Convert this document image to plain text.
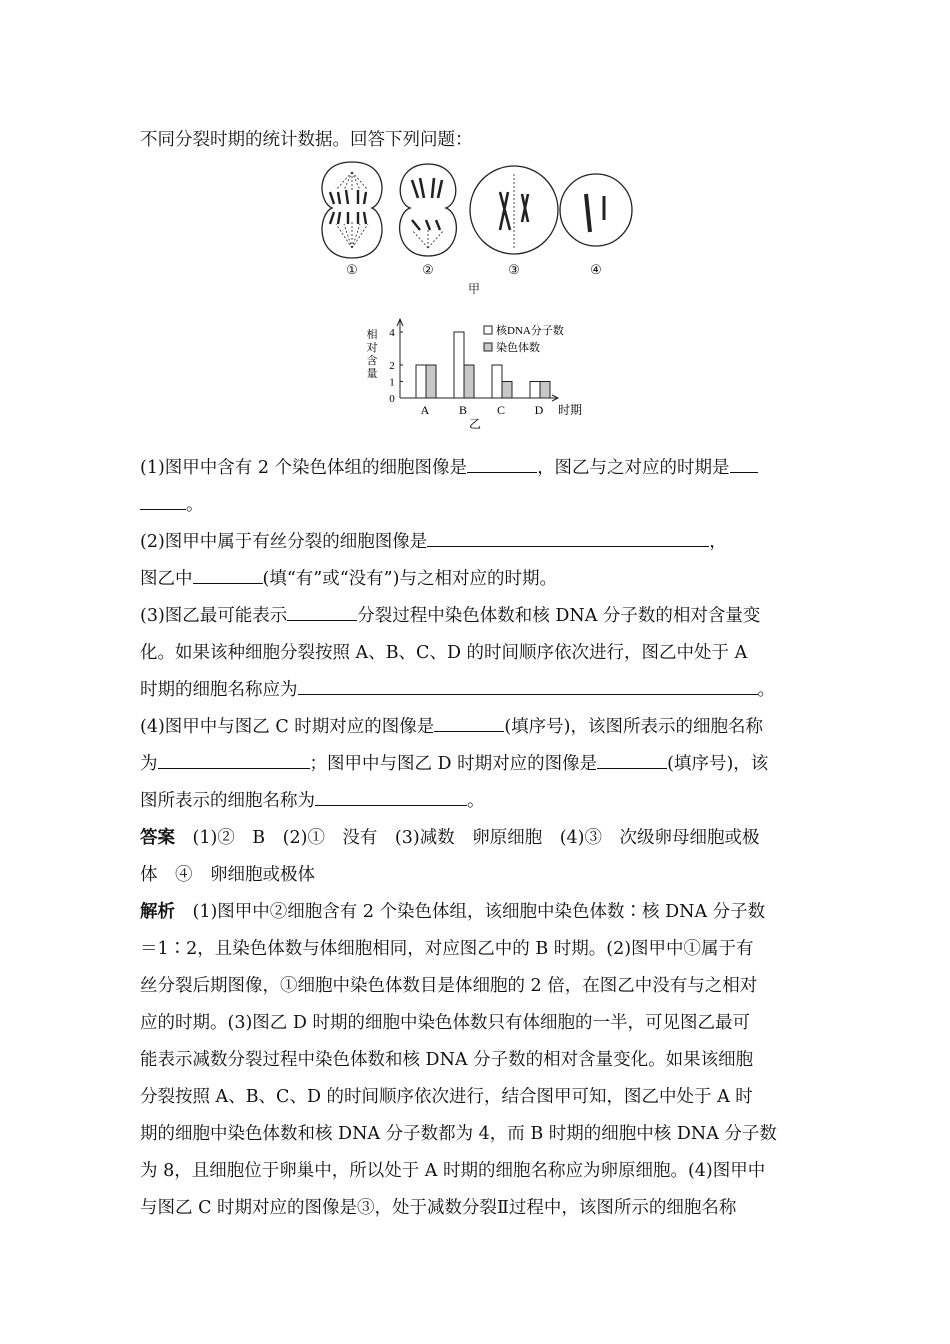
不同分裂时期的统计数据。回答下列问题：
①	②	③	④
甲
0
1
2
4
相
对
含
量
A B C D 时期
核DNA分子数
染色体数
乙
(1)图甲中含有 2 个染色体组的细胞图像是	，图乙与之对应的时期是
。
(2)图甲中属于有丝分裂的细胞图像是	，
图乙中	(填“有”或“没有”)与之相对应的时期。
(3)图乙最可能表示	分裂过程中染色体数和核 DNA 分子数的相对含量变
化。如果该种细胞分裂按照 A、B、C、D 的时间顺序依次进行，图乙中处于 A
时期的细胞名称应为	。
(4)图甲中与图乙 C 时期对应的图像是	(填序号)，该图所表示的细胞名称
为	；图甲中与图乙 D 时期对应的图像是	(填序号)，该
图所表示的细胞名称为	。
答案　 (1)②　B　(2)①　没有　(3)减数　卵原细胞　(4)③　次级卵母细胞或极
体　④　卵细胞或极体
解析　 (1)图甲中②细胞含有 2 个染色体组，该细胞中染色体数∶核 DNA 分子数
＝1∶2，且染色体数与体细胞相同，对应图乙中的 B 时期。(2)图甲中①属于有
丝分裂后期图像，①细胞中染色体数目是体细胞的 2 倍，在图乙中没有与之相对
应的时期。(3)图乙 D 时期的细胞中染色体数只有体细胞的一半，可见图乙最可
能表示减数分裂过程中染色体数和核 DNA 分子数的相对含量变化。如果该细胞
分裂按照 A、B、C、D 的时间顺序依次进行，结合图甲可知，图乙中处于 A 时
期的细胞中染色体数和核 DNA 分子数都为 4，而 B 时期的细胞中核 DNA 分子数
为 8，且细胞位于卵巢中，所以处于 A 时期的细胞名称应为卵原细胞。(4)图甲中
与图乙 C 时期对应的图像是③，处于减数分裂Ⅱ过程中，该图所示的细胞名称
